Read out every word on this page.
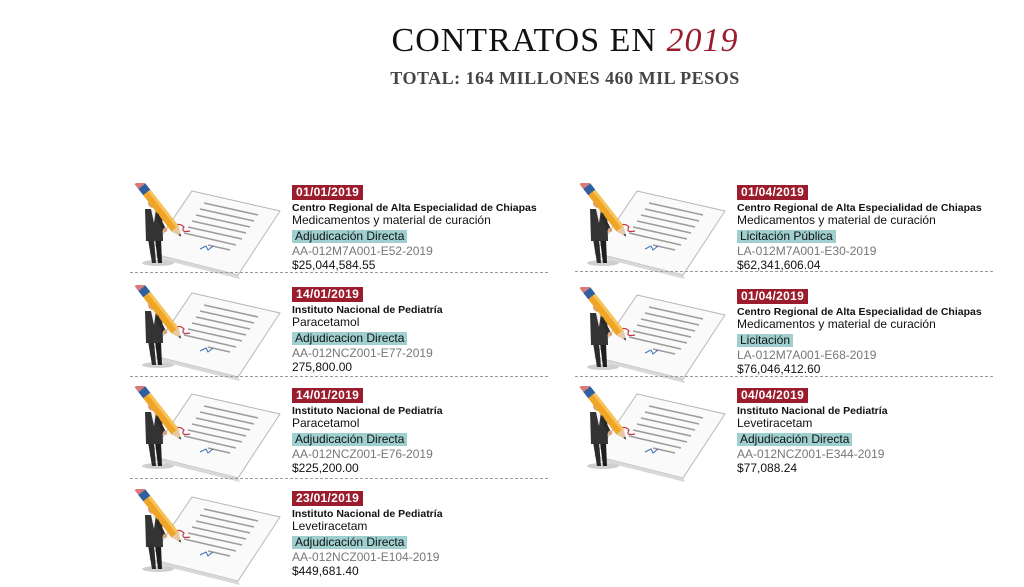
CONTRATOS EN 2019
TOTAL: 164 MILLONES 460 MIL PESOS
01/01/2019
Centro Regional de Alta Especialidad de Chiapas
Medicamentos y material de curación
Adjudicación Directa
AA-012M7A001-E52-2019
$25,044,584.55
14/01/2019
Instituto Nacional de Pediatría
Paracetamol
Adjudicacion Directa
AA-012NCZ001-E77-2019
275,800.00
14/01/2019
Instituto Nacional de Pediatría
Paracetamol
Adjudicación Directa
AA-012NCZ001-E76-2019
$225,200.00
23/01/2019
Instituto Nacional de Pediatría
Levetiracetam
Adjudicación Directa
AA-012NCZ001-E104-2019
$449,681.40
01/04/2019
Centro Regional de Alta Especialidad de Chiapas
Medicamentos y material de curación
Licitación Pública
LA-012M7A001-E30-2019
$62,341,606.04
01/04/2019
Centro Regional de Alta Especialidad de Chiapas
Medicamentos y material de curación
Licitación
LA-012M7A001-E68-2019
$76,046,412.60
04/04/2019
Instituto Nacional de Pediatría
Levetiracetam
Adjudicación Directa
AA-012NCZ001-E344-2019
$77,088.24
